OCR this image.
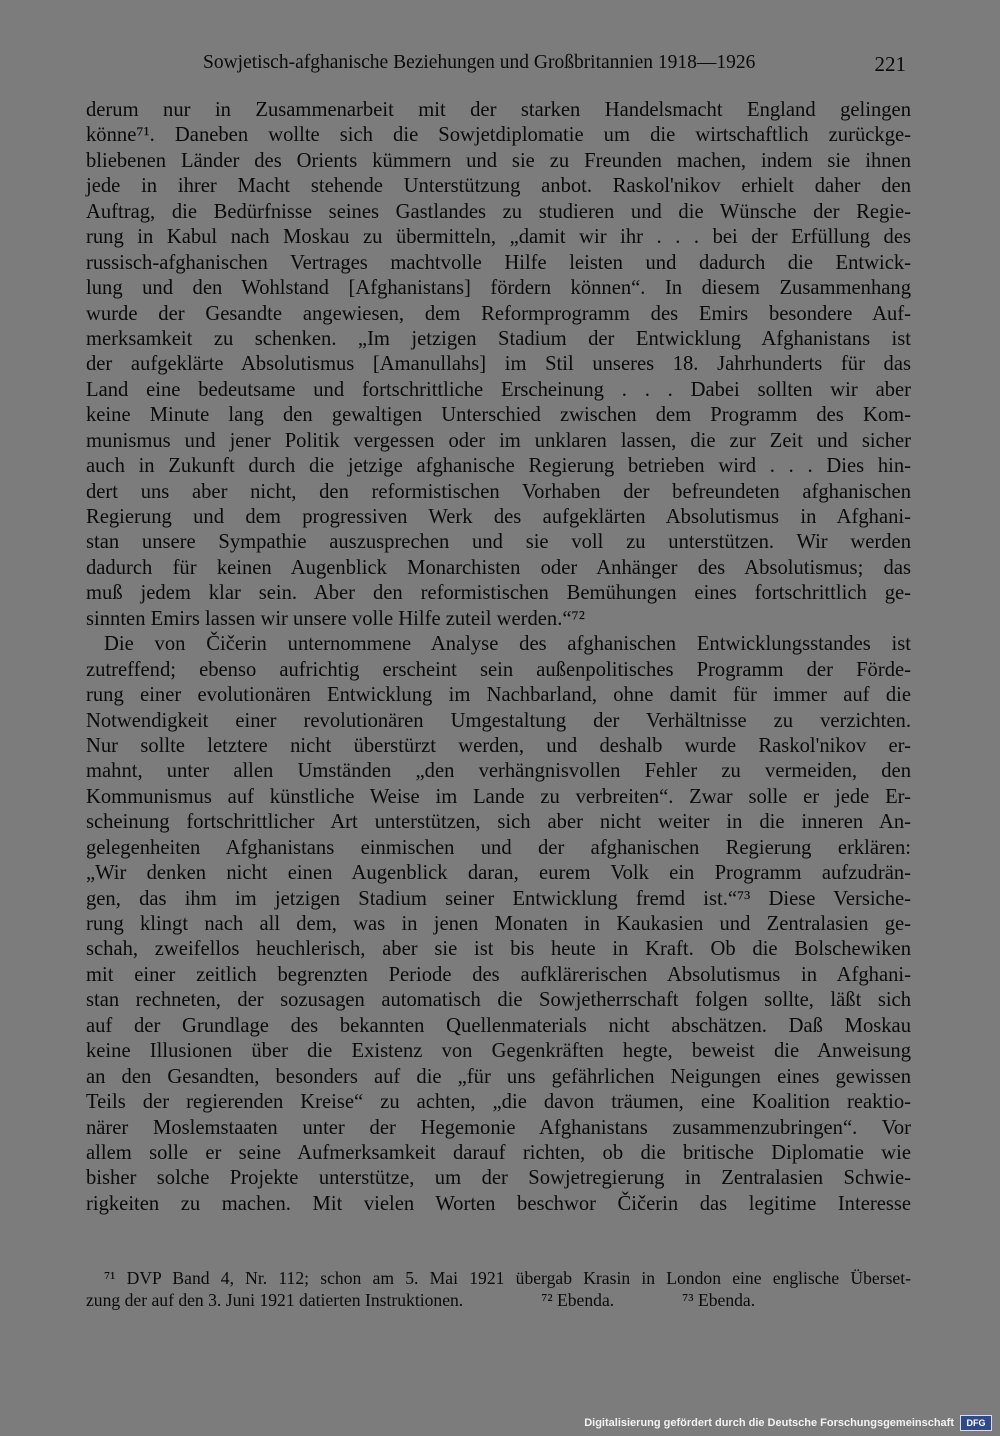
Sowjetisch-afghanische Beziehungen und Großbritannien 1918—1926	221
derum nur in Zusammenarbeit mit der starken Handelsmacht England gelingen
könne⁷¹. Daneben wollte sich die Sowjetdiplomatie um die wirtschaftlich zurückge-
bliebenen Länder des Orients kümmern und sie zu Freunden machen, indem sie ihnen
jede in ihrer Macht stehende Unterstützung anbot. Raskol'nikov erhielt daher den
Auftrag, die Bedürfnisse seines Gastlandes zu studieren und die Wünsche der Regie-
rung in Kabul nach Moskau zu übermitteln, „damit wir ihr . . . bei der Erfüllung des
russisch-afghanischen Vertrages machtvolle Hilfe leisten und dadurch die Entwick-
lung und den Wohlstand [Afghanistans] fördern können“. In diesem Zusammenhang
wurde der Gesandte angewiesen, dem Reformprogramm des Emirs besondere Auf-
merksamkeit zu schenken. „Im jetzigen Stadium der Entwicklung Afghanistans ist
der aufgeklärte Absolutismus [Amanullahs] im Stil unseres 18. Jahrhunderts für das
Land eine bedeutsame und fortschrittliche Erscheinung . . . Dabei sollten wir aber
keine Minute lang den gewaltigen Unterschied zwischen dem Programm des Kom-
munismus und jener Politik vergessen oder im unklaren lassen, die zur Zeit und sicher
auch in Zukunft durch die jetzige afghanische Regierung betrieben wird . . . Dies hin-
dert uns aber nicht, den reformistischen Vorhaben der befreundeten afghanischen
Regierung und dem progressiven Werk des aufgeklärten Absolutismus in Afghani-
stan unsere Sympathie auszusprechen und sie voll zu unterstützen. Wir werden
dadurch für keinen Augenblick Monarchisten oder Anhänger des Absolutismus; das
muß jedem klar sein. Aber den reformistischen Bemühungen eines fortschrittlich ge-
sinnten Emirs lassen wir unsere volle Hilfe zuteil werden.“⁷²
Die von Čičerin unternommene Analyse des afghanischen Entwicklungsstandes ist
zutreffend; ebenso aufrichtig erscheint sein außenpolitisches Programm der Förde-
rung einer evolutionären Entwicklung im Nachbarland, ohne damit für immer auf die
Notwendigkeit einer revolutionären Umgestaltung der Verhältnisse zu verzichten.
Nur sollte letztere nicht überstürzt werden, und deshalb wurde Raskol'nikov er-
mahnt, unter allen Umständen „den verhängnisvollen Fehler zu vermeiden, den
Kommunismus auf künstliche Weise im Lande zu verbreiten“. Zwar solle er jede Er-
scheinung fortschrittlicher Art unterstützen, sich aber nicht weiter in die inneren An-
gelegenheiten Afghanistans einmischen und der afghanischen Regierung erklären:
„Wir denken nicht einen Augenblick daran, eurem Volk ein Programm aufzudrän-
gen, das ihm im jetzigen Stadium seiner Entwicklung fremd ist.“⁷³ Diese Versiche-
rung klingt nach all dem, was in jenen Monaten in Kaukasien und Zentralasien ge-
schah, zweifellos heuchlerisch, aber sie ist bis heute in Kraft. Ob die Bolschewiken
mit einer zeitlich begrenzten Periode des aufklärerischen Absolutismus in Afghani-
stan rechneten, der sozusagen automatisch die Sowjetherrschaft folgen sollte, läßt sich
auf der Grundlage des bekannten Quellenmaterials nicht abschätzen. Daß Moskau
keine Illusionen über die Existenz von Gegenkräften hegte, beweist die Anweisung
an den Gesandten, besonders auf die „für uns gefährlichen Neigungen eines gewissen
Teils der regierenden Kreise“ zu achten, „die davon träumen, eine Koalition reaktio-
närer Moslemstaaten unter der Hegemonie Afghanistans zusammenzubringen“. Vor
allem solle er seine Aufmerksamkeit darauf richten, ob die britische Diplomatie wie
bisher solche Projekte unterstütze, um der Sowjetregierung in Zentralasien Schwie-
rigkeiten zu machen. Mit vielen Worten beschwor Čičerin das legitime Interesse
⁷¹ DVP Band 4, Nr. 112; schon am 5. Mai 1921 übergab Krasin in London eine englische Überset-
zung der auf den 3. Juni 1921 datierten Instruktionen.	⁷² Ebenda.	⁷³ Ebenda.
Digitalisierung gefördert durch die Deutsche Forschungsgemeinschaft	DFG
